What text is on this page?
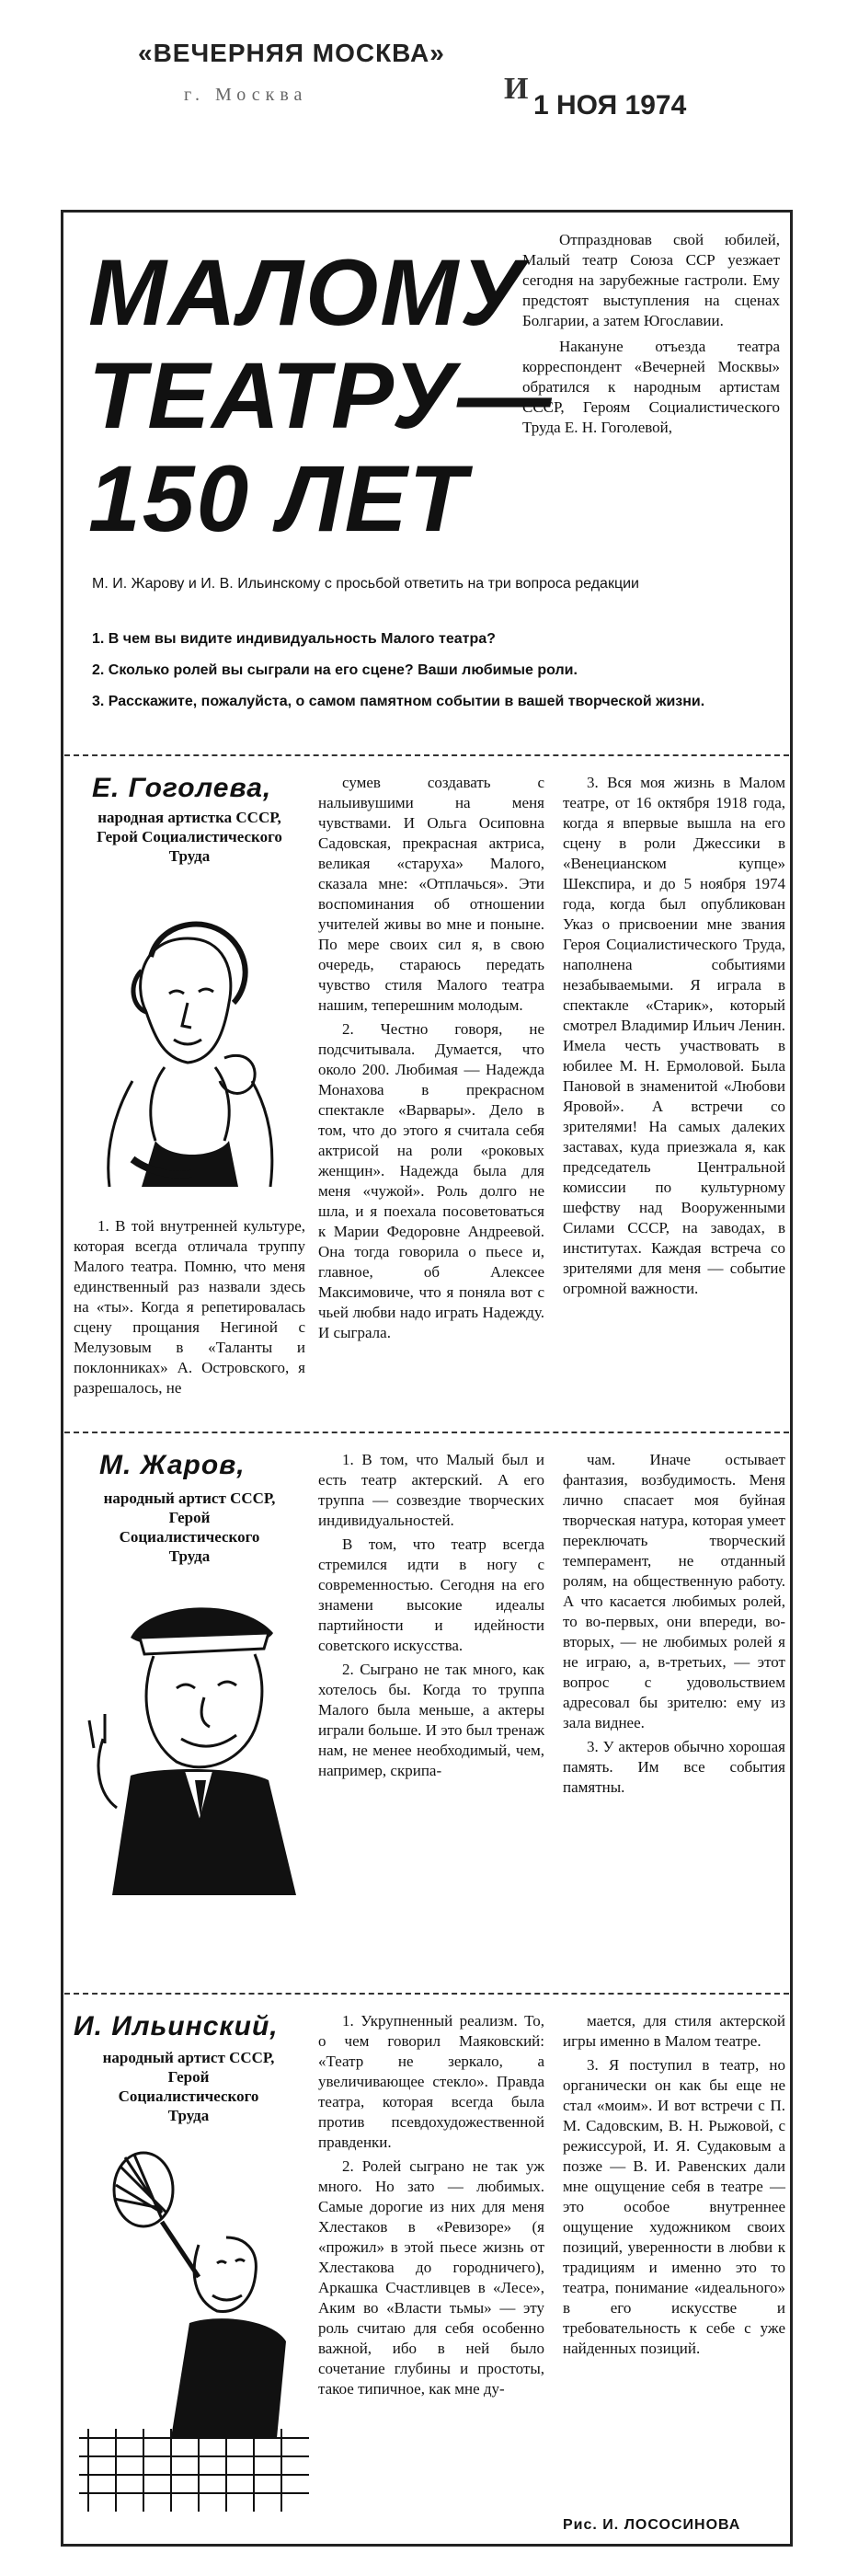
«ВЕЧЕРНЯЯ МОСКВА»
г. Москва	И 1 НОЯ 1974
МАЛОМУ
ТЕАТРУ—
150 ЛЕТ

Отпраздновав свой юбилей, Малый театр Союза ССР уезжает сегодня на зарубежные гастроли. Ему предстоят выступления на сценах Болгарии, а затем Югославии.

Накануне отъезда театра корреспондент «Вечерней Москвы» обратился к народным артистам СССР, Героям Социалистического Труда Е. Н. Гоголевой,

М. И. Жарову и И. В. Ильинскому с просьбой ответить на три вопроса редакции

1. В чем вы видите индивидуальность Малого театра?

2. Сколько ролей вы сыграли на его сцене? Ваши любимые роли.

3. Расскажите, пожалуйста, о самом памятном событии в вашей творческой жизни.

Е. Гоголева,
народная артистка СССР,
Герой Социалистического
Труда

1. В той внутренней культуре, которая всегда отличала труппу Малого театра. Помню, что меня единственный раз назвали здесь на «ты». Когда я репетировалась сцену прощания Негиной с Мелузовым в «Таланты и поклонниках» А. Островского, я разрешалось, не

сумев создавать с налыивушими на меня чувствами. И Ольга Осиповна Садовская, прекрасная актриса, великая «старуха» Малого, сказала мне: «Отплачься». Эти воспоминания об отношении учителей живы во мне и поныне. По мере своих сил я, в свою очередь, стараюсь передать чувство стиля Малого театра нашим, теперешним молодым.

2. Честно говоря, не подсчитывала. Думается, что около 200. Любимая — Надежда Монахова в прекрасном спектакле «Варвары». Дело в том, что до этого я считала себя актрисой на роли «роковых женщин». Надежда была для меня «чужой». Роль долго не шла, и я поехала посоветоваться к Марии Федоровне Андреевой. Она тогда говорила о пьесе и, главное, об Алексее Максимовиче, что я поняла вот с чьей любви надо играть Надежду. И сыграла.

3. Вся моя жизнь в Малом театре, от 16 октября 1918 года, когда я впервые вышла на его сцену в роли Джессики в «Венецианском купце» Шекспира, и до 5 ноября 1974 года, когда был опубликован Указ о присвоении мне звания Героя Социалистического Труда, наполнена событиями незабываемыми. Я играла в спектакле «Старик», который смотрел Владимир Ильич Ленин. Имела честь участвовать в юбилее М. Н. Ермоловой. Была Пановой в знаменитой «Любови Яровой». А встречи со зрителями! На самых далеких заставах, куда приезжала я, как председатель Центральной комиссии по культурному шефству над Вооруженными Силами СССР, на заводах, в институтах. Каждая встреча со зрителями для меня — событие огромной важности.

М. Жаров,
народный артист СССР,
Герой
Социалистического
Труда

1. В том, что Малый был и есть театр актерский. А его труппа — созвездие творческих индивидуальностей.

В том, что театр всегда стремился идти в ногу с современностью. Сегодня на его знамени высокие идеалы партийности и идейности советского искусства.

2. Сыграно не так много, как хотелось бы. Когда то труппа Малого была меньше, а актеры играли больше. И это был тренаж нам, не менее необходимый, чем, например, скрипа-

чам. Иначе остывает фантазия, возбудимость. Меня лично спасает моя буйная творческая натура, которая умеет переключать творческий темперамент, не отданный ролям, на общественную работу. А что касается любимых ролей, то во-первых, они впереди, во-вторых, — не любимых ролей я не играю, а, в-третьих, — этот вопрос с удовольствием адресовал бы зрителю: ему из зала виднее.

3. У актеров обычно хорошая память. Им все события памятны.

И. Ильинский,
народный артист СССР,
Герой
Социалистического
Труда

1. Укрупненный реализм. То, о чем говорил Маяковский: «Театр не зеркало, а увеличивающее стекло». Правда театра, которая всегда была против псевдохудожественной правденки.

2. Ролей сыграно не так уж много. Но зато — любимых. Самые дорогие из них для меня Хлестаков в «Ревизоре» (я «прожил» в этой пьесе жизнь от Хлестакова до городничего), Аркашка Счастливцев в «Лесе», Аким во «Власти тьмы» — эту роль считаю для себя особенно важной, ибо в ней было сочетание глубины и простоты, такое типичное, как мне ду-

мается, для стиля актерской игры именно в Малом театре.

3. Я поступил в театр, но органически он как бы еще не стал «моим». И вот встречи с П. М. Садовским, В. Н. Рыжовой, с режиссурой, И. Я. Судаковым а позже — В. И. Равенских дали мне ощущение себя в театре — это особое внутреннее ощущение художником своих позиций, уверенности в любви к традициям и именно это то театра, понимание «идеального» в его искусстве и требовательность к себе с уже найденных позиций.

Рис. И. ЛОСОСИНОВА
